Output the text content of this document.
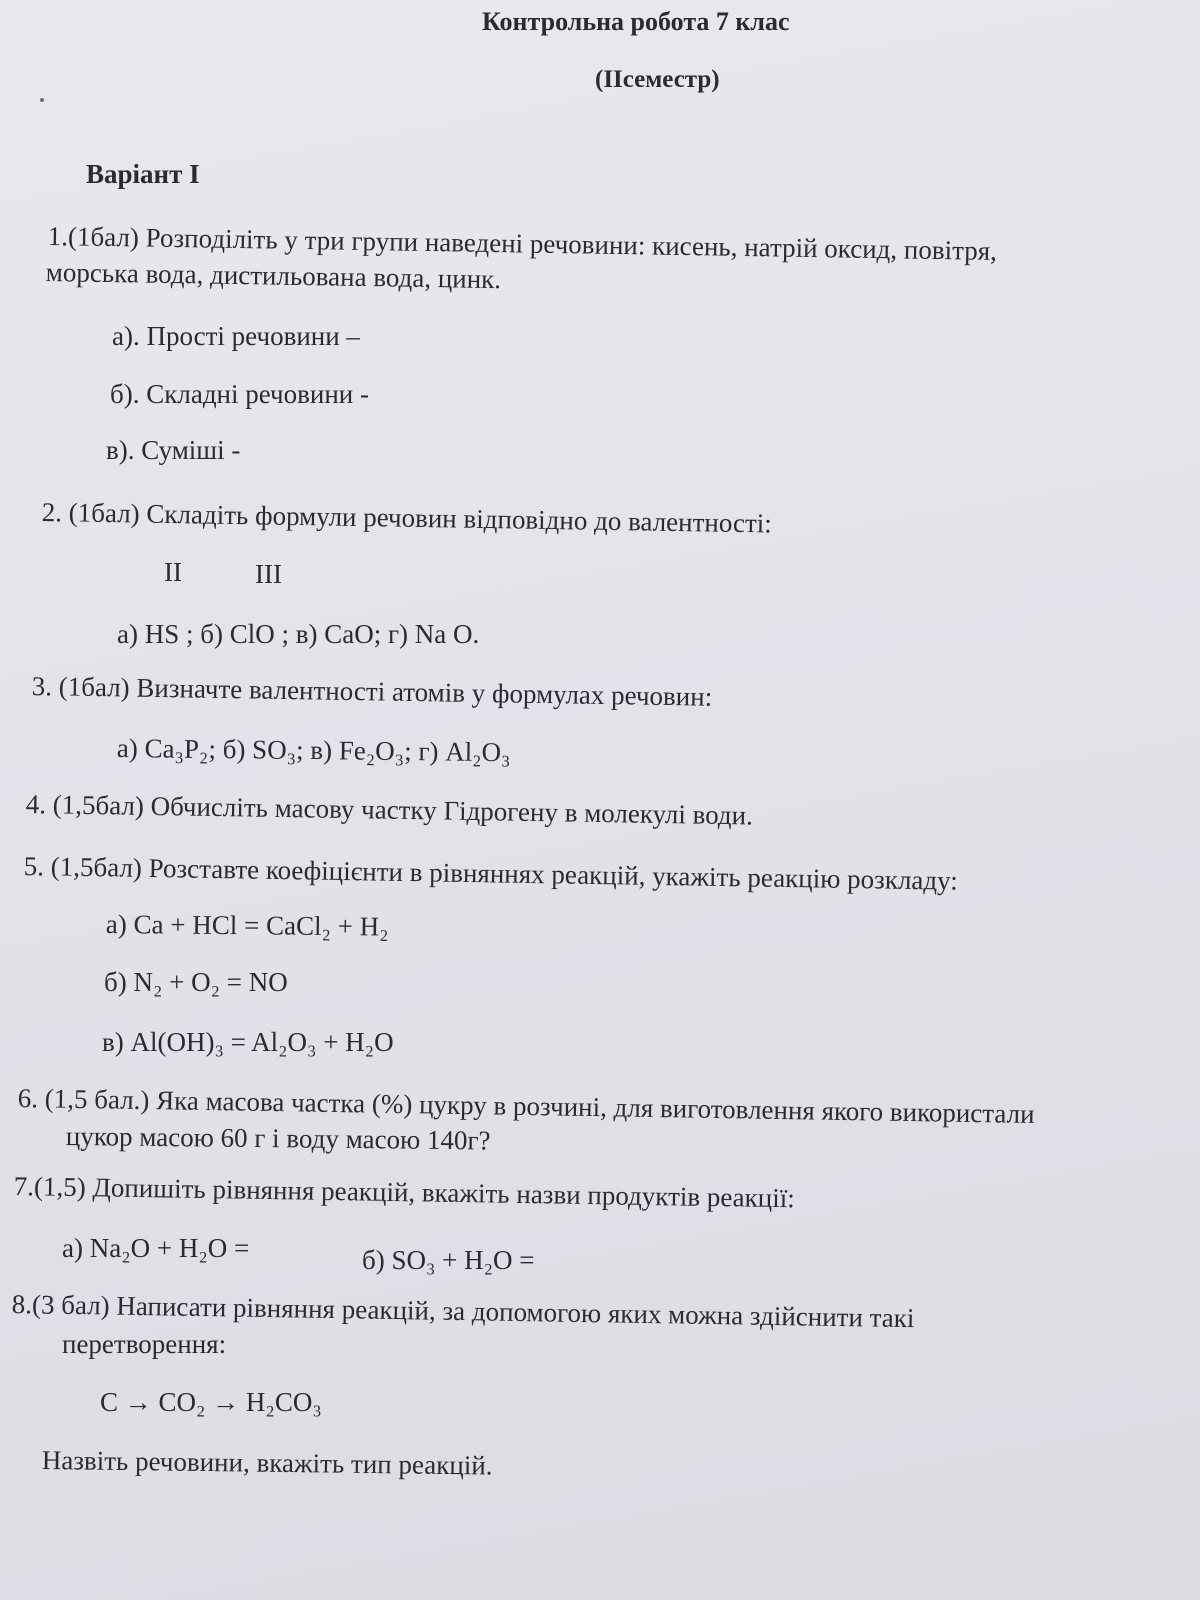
Контрольна робота 7 клас
(IIсеместр)
Варіант І
1.(1бал) Розподіліть у три групи наведені речовини: кисень, натрій оксид, повітря,
морська вода, дистильована вода, цинк.
а). Прості речовини –
б). Складні речовини -
в). Суміші -
2. (1бал) Складіть формули речовин відповідно до валентності:
II	III
а) HS ; б) ClO ; в) CaO; г) Na O.
3. (1бал) Визначте валентності атомів у формулах речовин:
а) Ca₃P₂; б) SO₃; в) Fe₂O₃; г) Al₂O₃
4. (1,5бал) Обчисліть масову частку Гідрогену в молекулі води.
5. (1,5бал) Розставте коефіцієнти в рівняннях реакцій, укажіть реакцію розкладу:
а) Ca + HCl = CaCl₂ + H₂
б) N₂ + O₂ = NO
в) Al(OH)₃ = Al₂O₃ + H₂O
6. (1,5 бал.) Яка масова частка (%) цукру в розчині, для виготовлення якого використали
цукор масою 60 г і воду масою 140г?
7.(1,5) Допишіть рівняння реакцій, вкажіть назви продуктів реакції:
а) Na₂O + H₂O =	б) SO₃ + H₂O =
8.(3 бал) Написати рівняння реакцій, за допомогою яких можна здійснити такі
перетворення:
C → CO₂ → H₂CO₃
Назвіть речовини, вкажіть тип реакцій.
